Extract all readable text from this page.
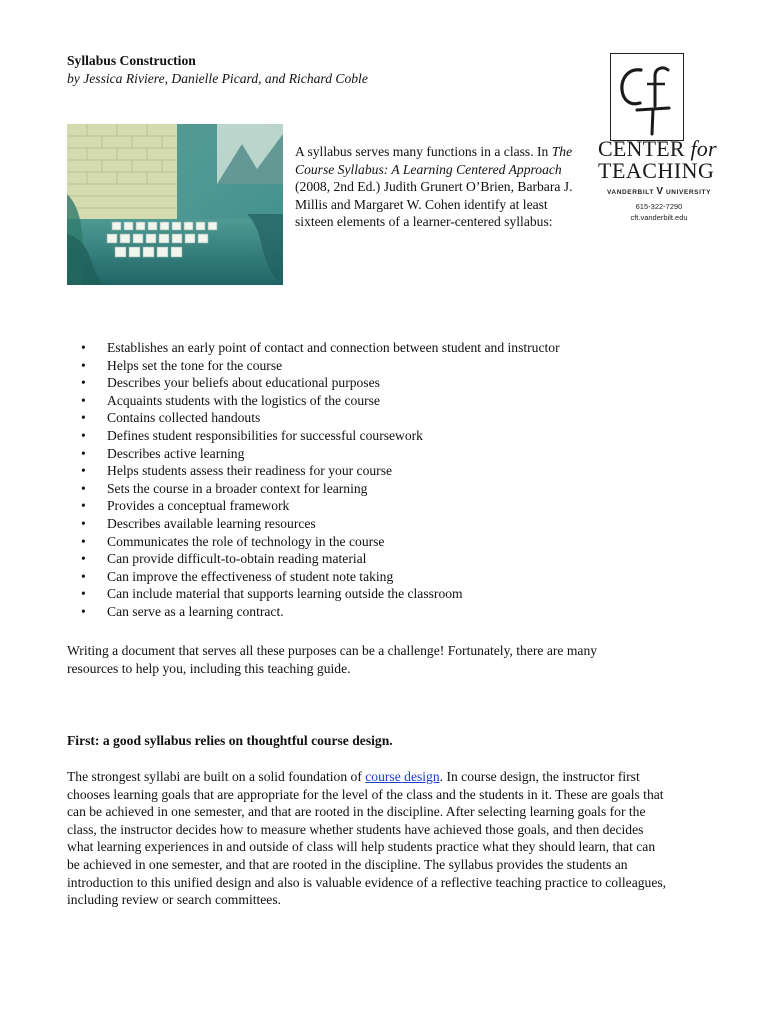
Syllabus Construction
by Jessica Riviere, Danielle Picard, and Richard Coble
CENTER for
TEACHING
VANDERBILT V UNIVERSITY
615-322-7290
cft.vanderbilt.edu

A syllabus serves many functions in a class. In The Course Syllabus: A Learning Centered Approach (2008, 2nd Ed.) Judith Grunert O’Brien, Barbara J. Millis and Margaret W. Cohen identify at least sixteen elements of a learner-centered syllabus:

• Establishes an early point of contact and connection between student and instructor
• Helps set the tone for the course
• Describes your beliefs about educational purposes
• Acquaints students with the logistics of the course
• Contains collected handouts
• Defines student responsibilities for successful coursework
• Describes active learning
• Helps students assess their readiness for your course
• Sets the course in a broader context for learning
• Provides a conceptual framework
• Describes available learning resources
• Communicates the role of technology in the course
• Can provide difficult-to-obtain reading material
• Can improve the effectiveness of student note taking
• Can include material that supports learning outside the classroom
• Can serve as a learning contract.

Writing a document that serves all these purposes can be a challenge! Fortunately, there are many resources to help you, including this teaching guide.

First: a good syllabus relies on thoughtful course design.

The strongest syllabi are built on a solid foundation of course design. In course design, the instructor first chooses learning goals that are appropriate for the level of the class and the students in it. These are goals that can be achieved in one semester, and that are rooted in the discipline. After selecting learning goals for the class, the instructor decides how to measure whether students have achieved those goals, and then decides what learning experiences in and outside of class will help students practice what they should learn, that can be achieved in one semester, and that are rooted in the discipline. The syllabus provides the students an introduction to this unified design and also is valuable evidence of a reflective teaching practice to colleagues, including review or search committees.
